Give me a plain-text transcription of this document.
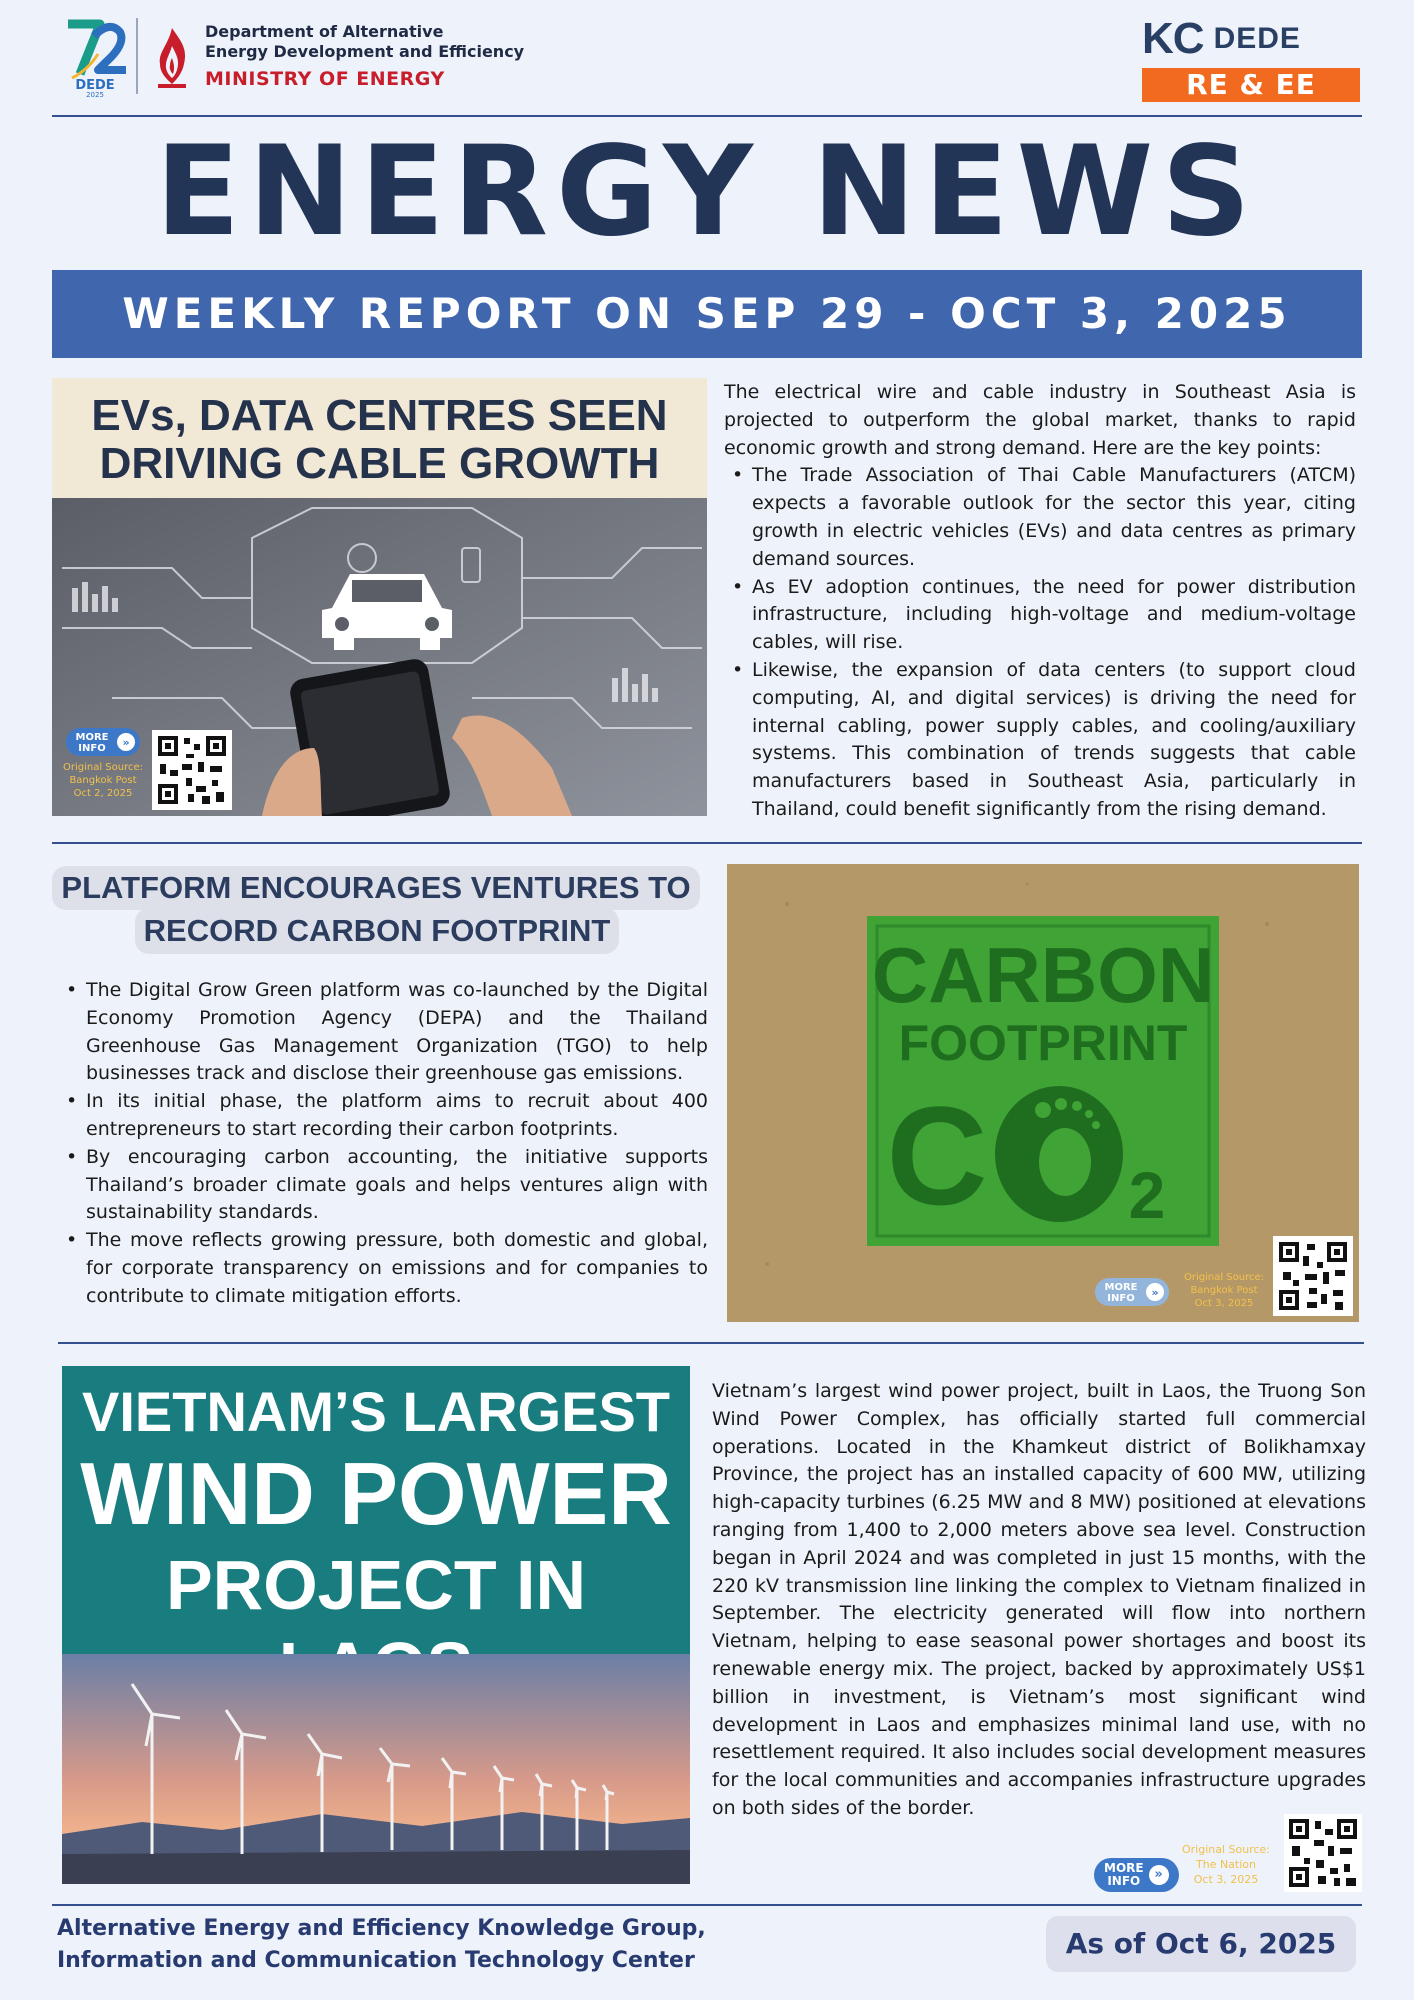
DEDE
2025
Department of Alternative
Energy Development and Efficiency
MINISTRY OF ENERGY
KC DEDE
RE & EE
ENERGY NEWS
WEEKLY REPORT ON SEP 29 - OCT 3, 2025
EVs, DATA CENTRES SEEN
DRIVING CABLE GROWTH
MORE
INFO »
Original Source:
Bangkok Post
Oct 2, 2025

The electrical wire and cable industry in Southeast Asia is projected to outperform the global market, thanks to rapid economic growth and strong demand. Here are the key points:

• The Trade Association of Thai Cable Manufacturers (ATCM) expects a favorable outlook for the sector this year, citing growth in electric vehicles (EVs) and data centres as primary demand sources.
• As EV adoption continues, the need for power distribution infrastructure, including high-voltage and medium-voltage cables, will rise.
• Likewise, the expansion of data centers (to support cloud computing, AI, and digital services) is driving the need for internal cabling, power supply cables, and cooling/auxiliary systems. This combination of trends suggests that cable manufacturers based in Southeast Asia, particularly in Thailand, could benefit significantly from the rising demand.
PLATFORM ENCOURAGES VENTURES TO
RECORD CARBON FOOTPRINT
• The Digital Grow Green platform was co-launched by the Digital Economy Promotion Agency (DEPA) and the Thailand Greenhouse Gas Management Organization (TGO) to help businesses track and disclose their greenhouse gas emissions.
• In its initial phase, the platform aims to recruit about 400 entrepreneurs to start recording their carbon footprints.
• By encouraging carbon accounting, the initiative supports Thailand’s broader climate goals and helps ventures align with sustainability standards.
• The move reflects growing pressure, both domestic and global, for corporate transparency on emissions and for companies to contribute to climate mitigation efforts.
CARBON
FOOTPRINT
C 2
MORE
INFO »
Original Source:
Bangkok Post
Oct 3, 2025
VIETNAM’S LARGEST
WIND POWER
PROJECT IN

Vietnam’s largest wind power project, built in Laos, the Truong Son Wind Power Complex, has officially started full commercial operations. Located in the Khamkeut district of Bolikhamxay Province, the project has an installed capacity of 600 MW, utilizing high-capacity turbines (6.25 MW and 8 MW) positioned at elevations ranging from 1,400 to 2,000 meters above sea level. Construction began in April 2024 and was completed in just 15 months, with the 220 kV transmission line linking the complex to Vietnam finalized in September. The electricity generated will flow into northern Vietnam, helping to ease seasonal power shortages and boost its renewable energy mix. The project, backed by approximately US$1 billion in investment, is Vietnam’s most significant wind development in Laos and emphasizes minimal land use, with no resettlement required. It also includes social development measures for the local communities and accompanies infrastructure upgrades on both sides of the border.

MORE
INFO	»
Original Source:
The Nation
Oct 3, 2025
Alternative Energy and Efficiency Knowledge Group,
Information and Communication Technology Center
As of Oct 6, 2025
